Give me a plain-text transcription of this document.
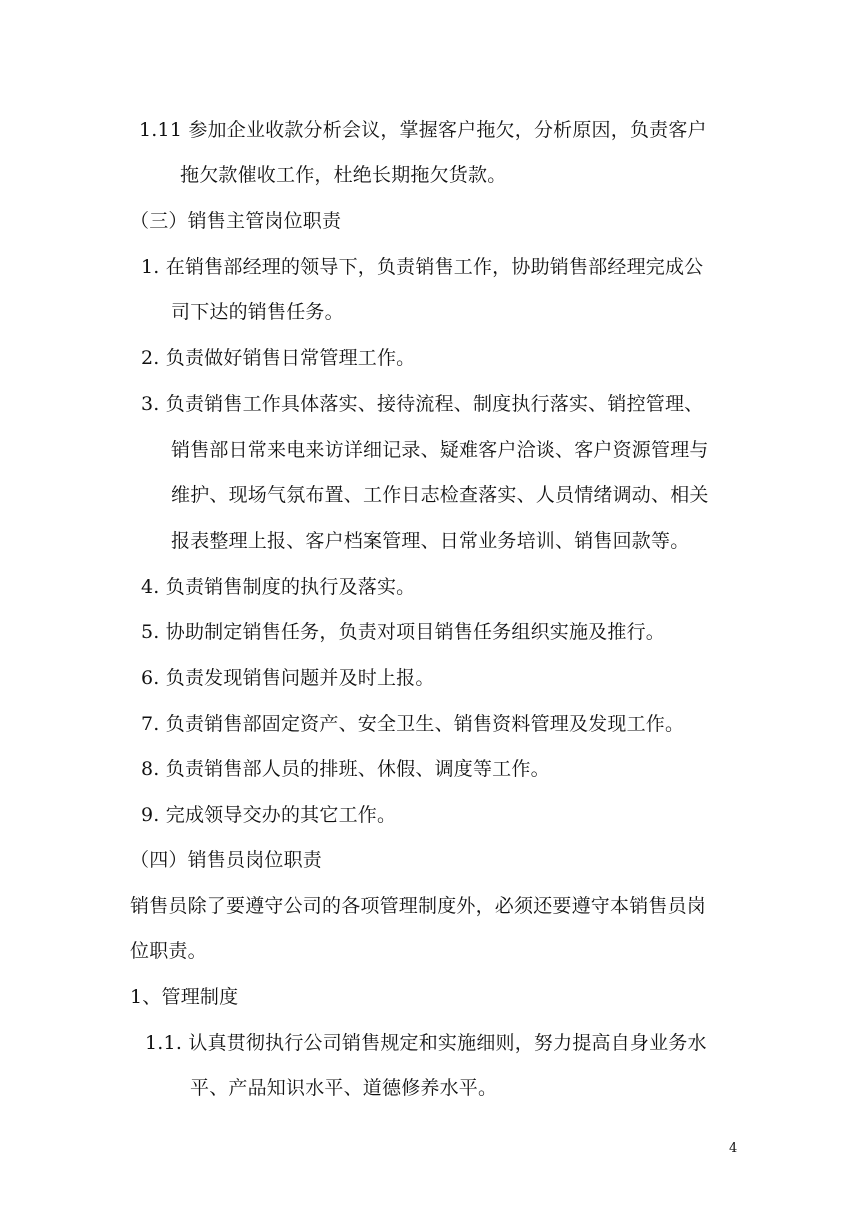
1.11 参加企业收款分析会议，掌握客户拖欠，分析原因，负责客户
拖欠款催收工作，杜绝长期拖欠货款。
（三）销售主管岗位职责
1. 在销售部经理的领导下，负责销售工作，协助销售部经理完成公
司下达的销售任务。
2. 负责做好销售日常管理工作。
3. 负责销售工作具体落实、接待流程、制度执行落实、销控管理、
销售部日常来电来访详细记录、疑难客户洽谈、客户资源管理与
维护、现场气氛布置、工作日志检查落实、人员情绪调动、相关
报表整理上报、客户档案管理、日常业务培训、销售回款等。
4. 负责销售制度的执行及落实。
5. 协助制定销售任务，负责对项目销售任务组织实施及推行。
6. 负责发现销售问题并及时上报。
7. 负责销售部固定资产、安全卫生、销售资料管理及发现工作。
8. 负责销售部人员的排班、休假、调度等工作。
9. 完成领导交办的其它工作。
（四）销售员岗位职责
销售员除了要遵守公司的各项管理制度外，必须还要遵守本销售员岗
位职责。
1、管理制度
1.1. 认真贯彻执行公司销售规定和实施细则，努力提高自身业务水
平、产品知识水平、道德修养水平。
4
